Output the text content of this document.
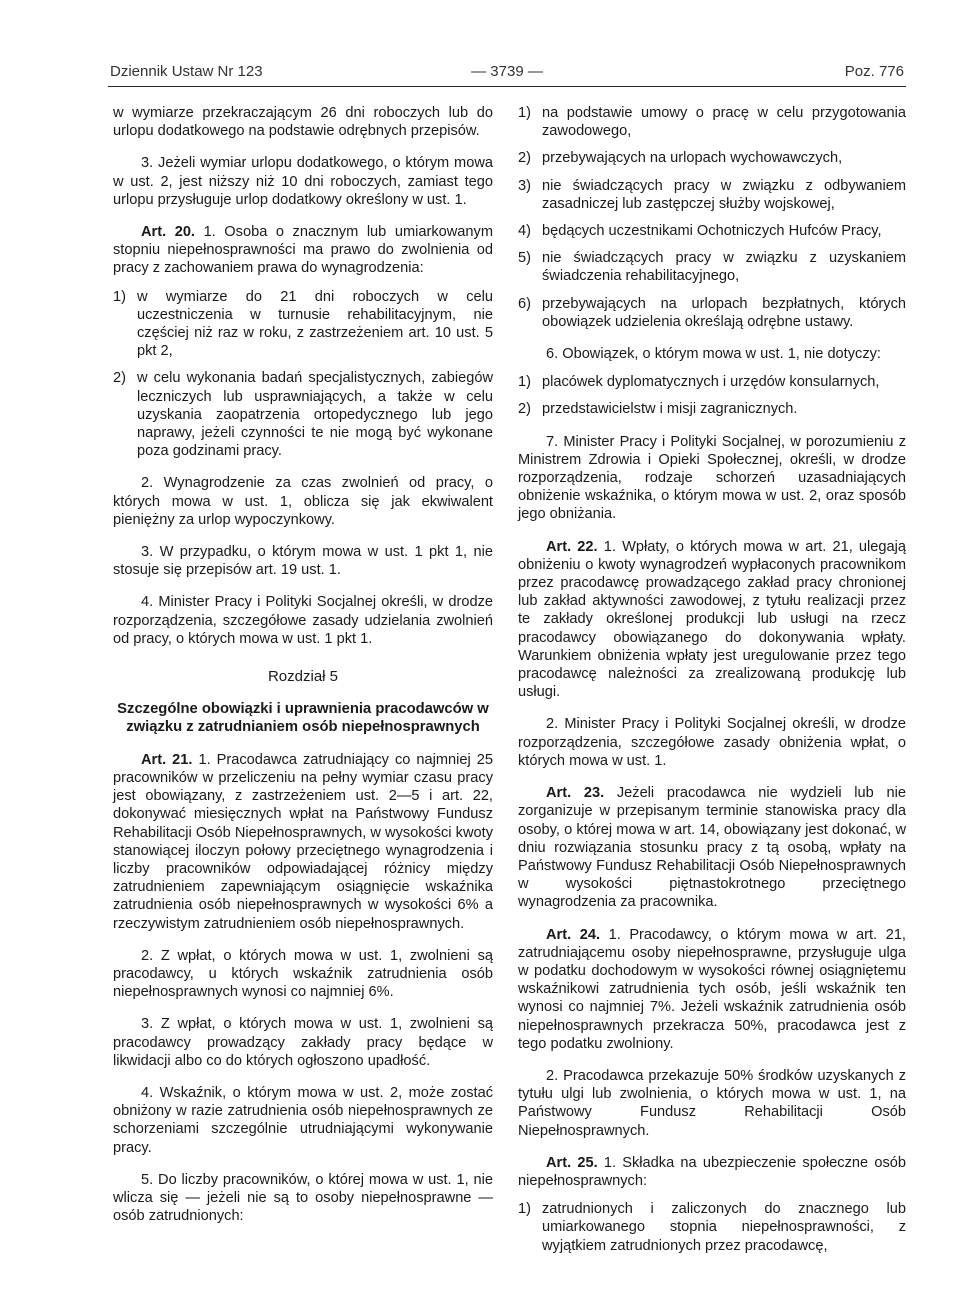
Dziennik Ustaw Nr 123	— 3739 —	Poz. 776

w wymiarze przekraczającym 26 dni roboczych lub do urlopu dodatkowego na podstawie odrębnych przepisów.

3. Jeżeli wymiar urlopu dodatkowego, o którym mowa w ust. 2, jest niższy niż 10 dni roboczych, zamiast tego urlopu przysługuje urlop dodatkowy określony w ust. 1.

Art. 20. 1. Osoba o znacznym lub umiarkowanym stopniu niepełnosprawności ma prawo do zwolnienia od pracy z zachowaniem prawa do wynagrodzenia:

1) w wymiarze do 21 dni roboczych w celu uczestniczenia w turnusie rehabilitacyjnym, nie częściej niż raz w roku, z zastrzeżeniem art. 10 ust. 5 pkt 2,
2) w celu wykonania badań specjalistycznych, zabiegów leczniczych lub usprawniających, a także w celu uzyskania zaopatrzenia ortopedycznego lub jego naprawy, jeżeli czynności te nie mogą być wykonane poza godzinami pracy.

2. Wynagrodzenie za czas zwolnień od pracy, o których mowa w ust. 1, oblicza się jak ekwiwalent pieniężny za urlop wypoczynkowy.

3. W przypadku, o którym mowa w ust. 1 pkt 1, nie stosuje się przepisów art. 19 ust. 1.

4. Minister Pracy i Polityki Socjalnej określi, w drodze rozporządzenia, szczegółowe zasady udzielania zwolnień od pracy, o których mowa w ust. 1 pkt 1.

Rozdział 5

Szczególne obowiązki i uprawnienia pracodawców w związku z zatrudnianiem osób niepełnosprawnych

Art. 21. 1. Pracodawca zatrudniający co najmniej 25 pracowników w przeliczeniu na pełny wymiar czasu pracy jest obowiązany, z zastrzeżeniem ust. 2—5 i art. 22, dokonywać miesięcznych wpłat na Państwowy Fundusz Rehabilitacji Osób Niepełnosprawnych, w wysokości kwoty stanowiącej iloczyn połowy przeciętnego wynagrodzenia i liczby pracowników odpowiadającej różnicy między zatrudnieniem zapewniającym osiągnięcie wskaźnika zatrudnienia osób niepełnosprawnych w wysokości 6% a rzeczywistym zatrudnieniem osób niepełnosprawnych.

2. Z wpłat, o których mowa w ust. 1, zwolnieni są pracodawcy, u których wskaźnik zatrudnienia osób niepełnosprawnych wynosi co najmniej 6%.

3. Z wpłat, o których mowa w ust. 1, zwolnieni są pracodawcy prowadzący zakłady pracy będące w likwidacji albo co do których ogłoszono upadłość.

4. Wskaźnik, o którym mowa w ust. 2, może zostać obniżony w razie zatrudnienia osób niepełnosprawnych ze schorzeniami szczególnie utrudniającymi wykonywanie pracy.

5. Do liczby pracowników, o której mowa w ust. 1, nie wlicza się — jeżeli nie są to osoby niepełnosprawne — osób zatrudnionych:

1) na podstawie umowy o pracę w celu przygotowania zawodowego,
2) przebywających na urlopach wychowawczych,
3) nie świadczących pracy w związku z odbywaniem zasadniczej lub zastępczej służby wojskowej,
4) będących uczestnikami Ochotniczych Hufców Pracy,
5) nie świadczących pracy w związku z uzyskaniem świadczenia rehabilitacyjnego,
6) przebywających na urlopach bezpłatnych, których obowiązek udzielenia określają odrębne ustawy.

6. Obowiązek, o którym mowa w ust. 1, nie dotyczy:

1) placówek dyplomatycznych i urzędów konsularnych,
2) przedstawicielstw i misji zagranicznych.

7. Minister Pracy i Polityki Socjalnej, w porozumieniu z Ministrem Zdrowia i Opieki Społecznej, określi, w drodze rozporządzenia, rodzaje schorzeń uzasadniających obniżenie wskaźnika, o którym mowa w ust. 2, oraz sposób jego obniżania.

Art. 22. 1. Wpłaty, o których mowa w art. 21, ulegają obniżeniu o kwoty wynagrodzeń wypłaconych pracownikom przez pracodawcę prowadzącego zakład pracy chronionej lub zakład aktywności zawodowej, z tytułu realizacji przez te zakłady określonej produkcji lub usługi na rzecz pracodawcy obowiązanego do dokonywania wpłaty. Warunkiem obniżenia wpłaty jest uregulowanie przez tego pracodawcę należności za zrealizowaną produkcję lub usługi.

2. Minister Pracy i Polityki Socjalnej określi, w drodze rozporządzenia, szczegółowe zasady obniżenia wpłat, o których mowa w ust. 1.

Art. 23. Jeżeli pracodawca nie wydzieli lub nie zorganizuje w przepisanym terminie stanowiska pracy dla osoby, o której mowa w art. 14, obowiązany jest dokonać, w dniu rozwiązania stosunku pracy z tą osobą, wpłaty na Państwowy Fundusz Rehabilitacji Osób Niepełnosprawnych w wysokości piętnastokrotnego przeciętnego wynagrodzenia za pracownika.

Art. 24. 1. Pracodawcy, o którym mowa w art. 21, zatrudniającemu osoby niepełnosprawne, przysługuje ulga w podatku dochodowym w wysokości równej osiągniętemu wskaźnikowi zatrudnienia tych osób, jeśli wskaźnik ten wynosi co najmniej 7%. Jeżeli wskaźnik zatrudnienia osób niepełnosprawnych przekracza 50%, pracodawca jest z tego podatku zwolniony.

2. Pracodawca przekazuje 50% środków uzyskanych z tytułu ulgi lub zwolnienia, o których mowa w ust. 1, na Państwowy Fundusz Rehabilitacji Osób Niepełnosprawnych.

Art. 25. 1. Składka na ubezpieczenie społeczne osób niepełnosprawnych:

1) zatrudnionych i zaliczonych do znacznego lub umiarkowanego stopnia niepełnosprawności, z wyjątkiem zatrudnionych przez pracodawcę,
